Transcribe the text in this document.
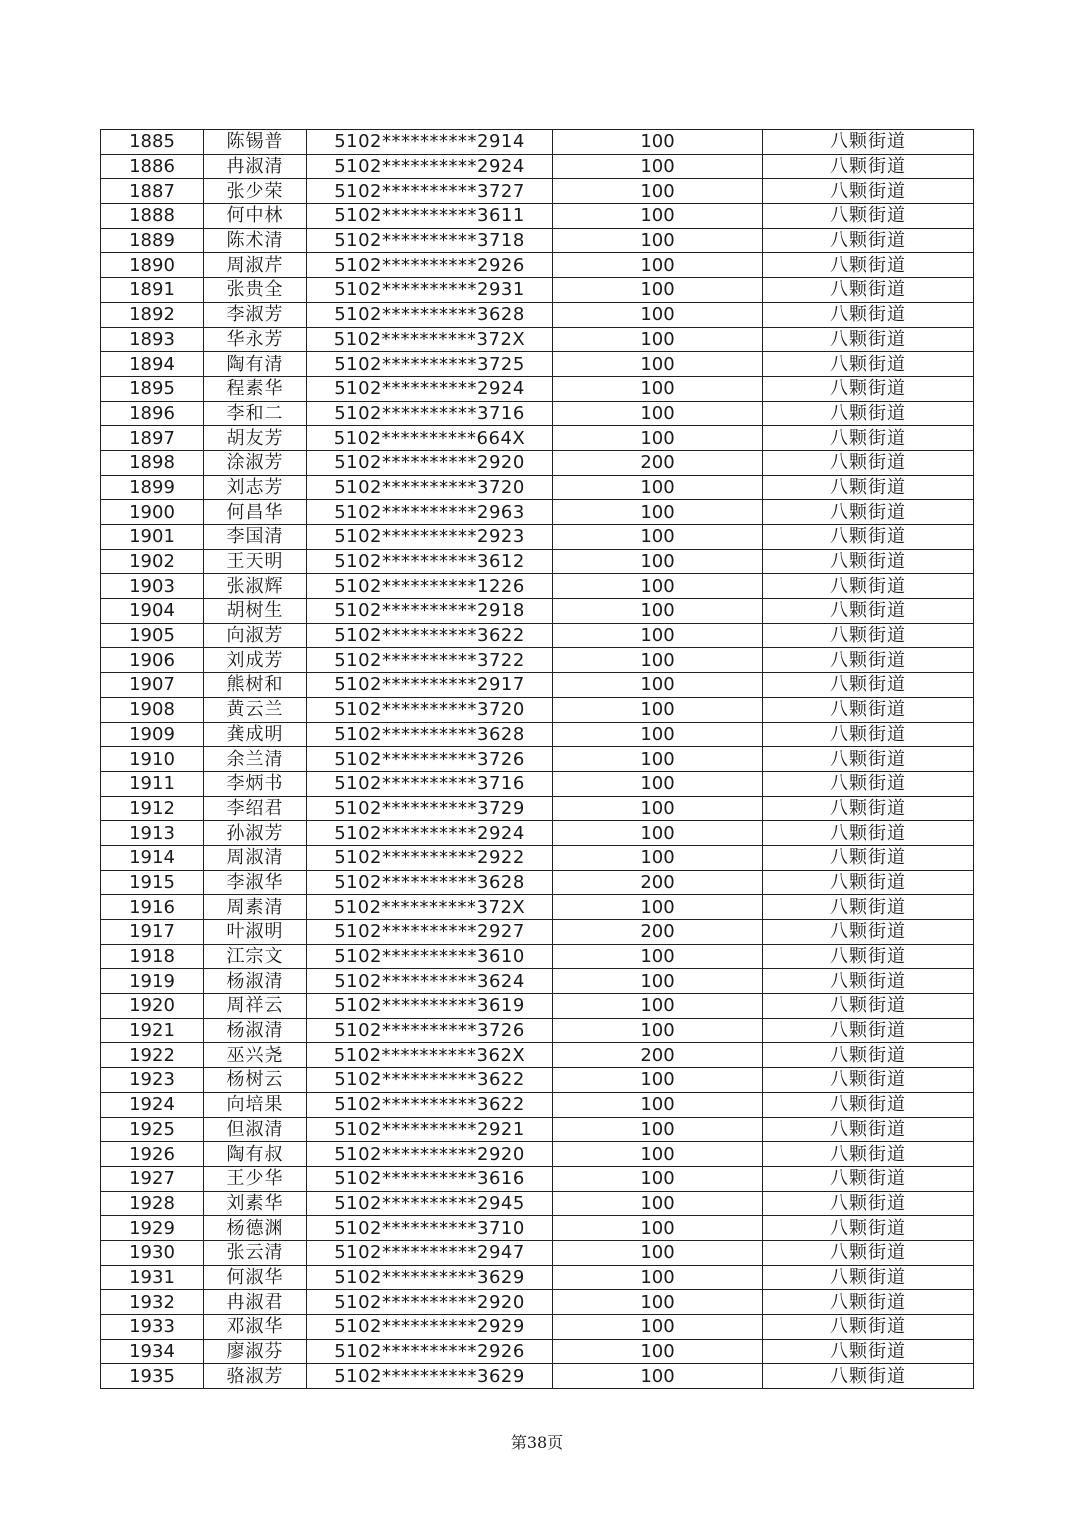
1885	陈锡普	5102**********2914	100	八颗街道
1886	冉淑清	5102**********2924	100	八颗街道
1887	张少荣	5102**********3727	100	八颗街道
1888	何中林	5102**********3611	100	八颗街道
1889	陈术清	5102**********3718	100	八颗街道
1890	周淑芹	5102**********2926	100	八颗街道
1891	张贵全	5102**********2931	100	八颗街道
1892	李淑芳	5102**********3628	100	八颗街道
1893	华永芳	5102**********372X	100	八颗街道
1894	陶有清	5102**********3725	100	八颗街道
1895	程素华	5102**********2924	100	八颗街道
1896	李和二	5102**********3716	100	八颗街道
1897	胡友芳	5102**********664X	100	八颗街道
1898	涂淑芳	5102**********2920	200	八颗街道
1899	刘志芳	5102**********3720	100	八颗街道
1900	何昌华	5102**********2963	100	八颗街道
1901	李国清	5102**********2923	100	八颗街道
1902	王天明	5102**********3612	100	八颗街道
1903	张淑辉	5102**********1226	100	八颗街道
1904	胡树生	5102**********2918	100	八颗街道
1905	向淑芳	5102**********3622	100	八颗街道
1906	刘成芳	5102**********3722	100	八颗街道
1907	熊树和	5102**********2917	100	八颗街道
1908	黄云兰	5102**********3720	100	八颗街道
1909	龚成明	5102**********3628	100	八颗街道
1910	余兰清	5102**********3726	100	八颗街道
1911	李炳书	5102**********3716	100	八颗街道
1912	李绍君	5102**********3729	100	八颗街道
1913	孙淑芳	5102**********2924	100	八颗街道
1914	周淑清	5102**********2922	100	八颗街道
1915	李淑华	5102**********3628	200	八颗街道
1916	周素清	5102**********372X	100	八颗街道
1917	叶淑明	5102**********2927	200	八颗街道
1918	江宗文	5102**********3610	100	八颗街道
1919	杨淑清	5102**********3624	100	八颗街道
1920	周祥云	5102**********3619	100	八颗街道
1921	杨淑清	5102**********3726	100	八颗街道
1922	巫兴尧	5102**********362X	200	八颗街道
1923	杨树云	5102**********3622	100	八颗街道
1924	向培果	5102**********3622	100	八颗街道
1925	但淑清	5102**********2921	100	八颗街道
1926	陶有叔	5102**********2920	100	八颗街道
1927	王少华	5102**********3616	100	八颗街道
1928	刘素华	5102**********2945	100	八颗街道
1929	杨德渊	5102**********3710	100	八颗街道
1930	张云清	5102**********2947	100	八颗街道
1931	何淑华	5102**********3629	100	八颗街道
1932	冉淑君	5102**********2920	100	八颗街道
1933	邓淑华	5102**********2929	100	八颗街道
1934	廖淑芬	5102**********2926	100	八颗街道
1935	骆淑芳	5102**********3629	100	八颗街道
第38页
